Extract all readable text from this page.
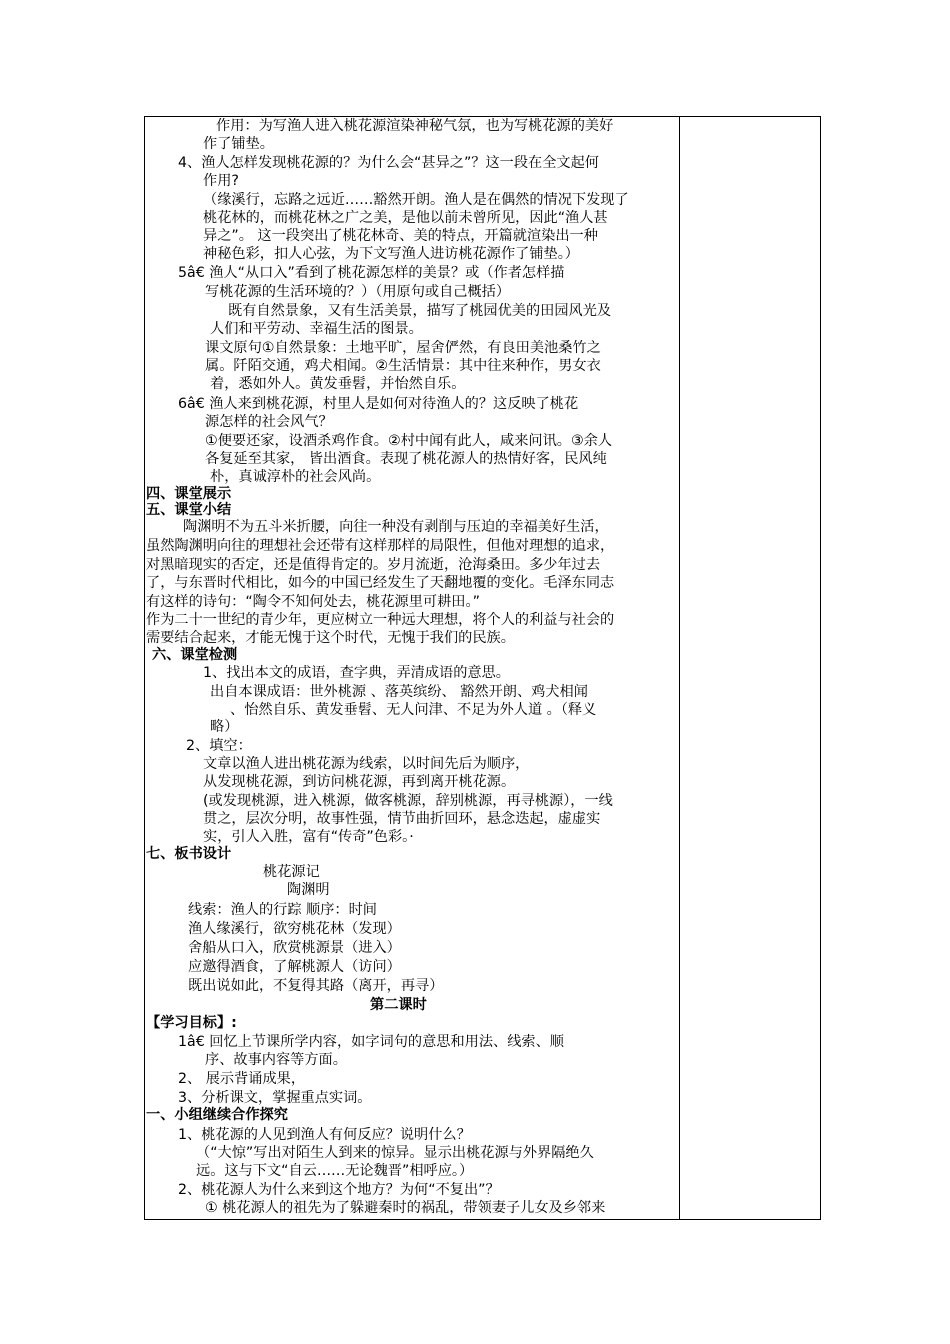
作用：为写渔人进入桃花源渲染神秘气氛，也为写桃花源的美好
作了铺垫。
4、渔人怎样发现桃花源的？为什么会“甚异之”？这一段在全文起何
作用?
（缘溪行，忘路之远近……豁然开朗。渔人是在偶然的情况下发现了
桃花林的，而桃花林之广之美，是他以前未曾所见，因此“渔人甚
异之”。 这一段突出了桃花林奇、美的特点，开篇就渲染出一种
神秘色彩，扣人心弦，为下文写渔人进访桃花源作了铺垫。）
5â€ 渔人“从口入”看到了桃花源怎样的美景？或（作者怎样描
写桃花源的生活环境的？）（用原句或自己概括）
既有自然景象，又有生活美景，描写了桃园优美的田园风光及
人们和平劳动、幸福生活的图景。
课文原句①自然景象：土地平旷，屋舍俨然，有良田美池桑竹之
属。阡陌交通，鸡犬相闻。②生活情景：其中往来种作，男女衣
着，悉如外人。黄发垂髫，并怡然自乐。
6â€ 渔人来到桃花源，村里人是如何对待渔人的？这反映了桃花
源怎样的社会风气？
①便要还家，设酒杀鸡作食。②村中闻有此人，咸来问讯。③余人
各复延至其家， 皆出酒食。表现了桃花源人的热情好客，民风纯
朴，真诚淳朴的社会风尚。
四、课堂展示
五、课堂小结
陶渊明不为五斗米折腰，向往一种没有剥削与压迫的幸福美好生活，
虽然陶渊明向往的理想社会还带有这样那样的局限性，但他对理想的追求，
对黑暗现实的否定，还是值得肯定的。岁月流逝，沧海桑田。多少年过去
了，与东晋时代相比，如今的中国已经发生了天翻地覆的变化。毛泽东同志
有这样的诗句：“陶令不知何处去，桃花源里可耕田。”
作为二十一世纪的青少年，更应树立一种远大理想，将个人的利益与社会的
需要结合起来，才能无愧于这个时代，无愧于我们的民族。
六、课堂检测
1、找出本文的成语，查字典，弄清成语的意思。
出自本课成语：世外桃源 、落英缤纷、 豁然开朗、鸡犬相闻
、怡然自乐、黄发垂髫、无人问津、不足为外人道 。（释义
略）
2、填空：
文章以渔人进出桃花源为线索，以时间先后为顺序，
从发现桃花源，到访问桃花源，再到离开桃花源。
(或发现桃源，进入桃源，做客桃源，辞别桃源，再寻桃源），一线
贯之，层次分明，故事性强，情节曲折回环，悬念迭起，虚虚实
实，引人入胜，富有“传奇”色彩。·
七、板书设计
桃花源记
陶渊明
线索：渔人的行踪 顺序：时间
渔人缘溪行，欲穷桃花林（发现）
舍船从口入，欣赏桃源景（进入）
应邀得酒食，了解桃源人（访问）
既出说如此，不复得其路（离开，再寻）
第二课时
【学习目标】:
1â€ 回忆上节课所学内容，如字词句的意思和用法、线索、顺
序、故事内容等方面。
2、 展示背诵成果，
3、分析课文，掌握重点实词。
一、小组继续合作探究
1、桃花源的人见到渔人有何反应？说明什么？
（“大惊”写出对陌生人到来的惊异。显示出桃花源与外界隔绝久
远。这与下文“自云……无论魏晋”相呼应。）
2、桃花源人为什么来到这个地方？为何“不复出”？
① 桃花源人的祖先为了躲避秦时的祸乱，带领妻子儿女及乡邻来
